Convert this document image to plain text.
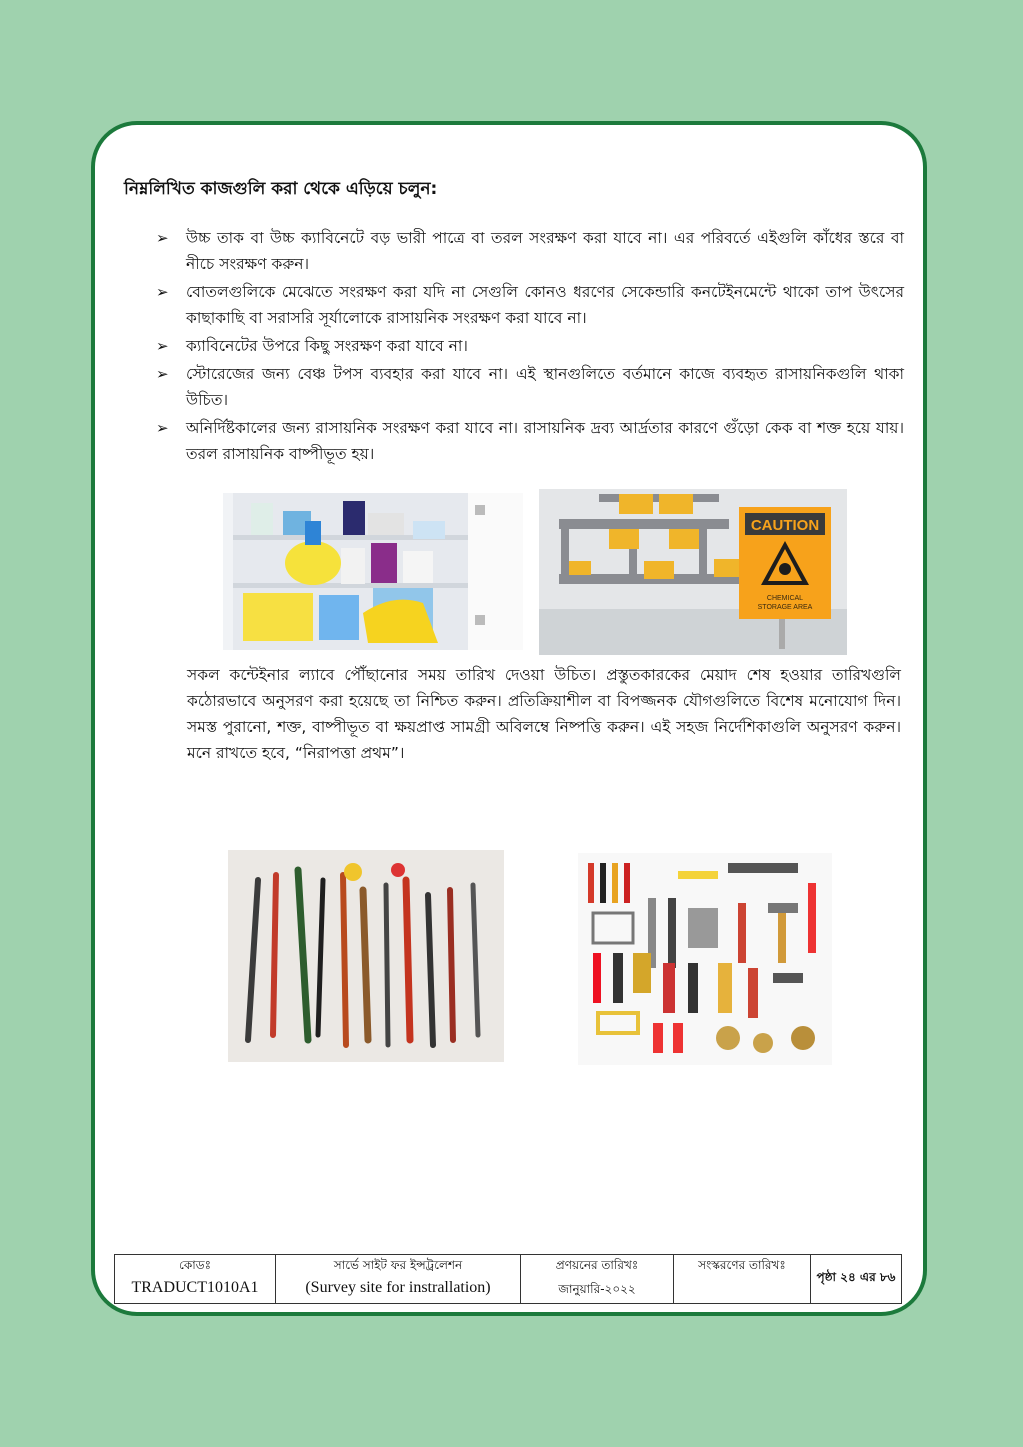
নিম্নলিখিত কাজগুলি করা থেকে এড়িয়ে চলুন:
➢ উচ্চ তাক বা উচ্চ ক্যাবিনেটে বড় ভারী পাত্রে বা তরল সংরক্ষণ করা যাবে না। এর পরিবর্তে এইগুলি কাঁধের স্তরে বা নীচে সংরক্ষণ করুন।
➢ বোতলগুলিকে মেঝেতে সংরক্ষণ করা যদি না সেগুলি কোনও ধরণের সেকেন্ডারি কনটেইনমেন্টে থাকো তাপ উৎসের কাছাকাছি বা সরাসরি সূর্যালোকে রাসায়নিক সংরক্ষণ করা যাবে না।
➢ ক্যাবিনেটের উপরে কিছু সংরক্ষণ করা যাবে না।
➢ স্টোরেজের জন্য বেঞ্চ টপস ব্যবহার করা যাবে না। এই স্থানগুলিতে বর্তমানে কাজে ব্যবহৃত রাসায়নিকগুলি থাকা উচিত।
➢ অনির্দিষ্টকালের জন্য রাসায়নিক সংরক্ষণ করা যাবে না। রাসায়নিক দ্রব্য আর্দ্রতার কারণে গুঁড়ো কেক বা শক্ত হয়ে যায়। তরল রাসায়নিক বাষ্পীভূত হয়।
CAUTION
CHEMICAL
STORAGE AREA

সকল কন্টেইনার ল্যাবে পৌঁছানোর সময় তারিখ দেওয়া উচিত। প্রস্তুতকারকের মেয়াদ শেষ হওয়ার তারিখগুলি কঠোরভাবে অনুসরণ করা হয়েছে তা নিশ্চিত করুন। প্রতিক্রিয়াশীল বা বিপজ্জনক যৌগগুলিতে বিশেষ মনোযোগ দিন। সমস্ত পুরানো, শক্ত, বাষ্পীভূত বা ক্ষয়প্রাপ্ত সামগ্রী অবিলম্বে নিষ্পত্তি করুন। এই সহজ নির্দেশিকাগুলি অনুসরণ করুন। মনে রাখতে হবে, “নিরাপত্তা প্রথম”।

কোডঃ
TRADUCT1010A1

সার্ভে সাইট ফর ইন্সট্রলেশন
(Survey site for instrallation)

প্রণয়নের তারিখঃ
জানুয়ারি-২০২২

সংস্করণের তারিখঃ
	পৃষ্ঠা ২৪ এর ৮৬
